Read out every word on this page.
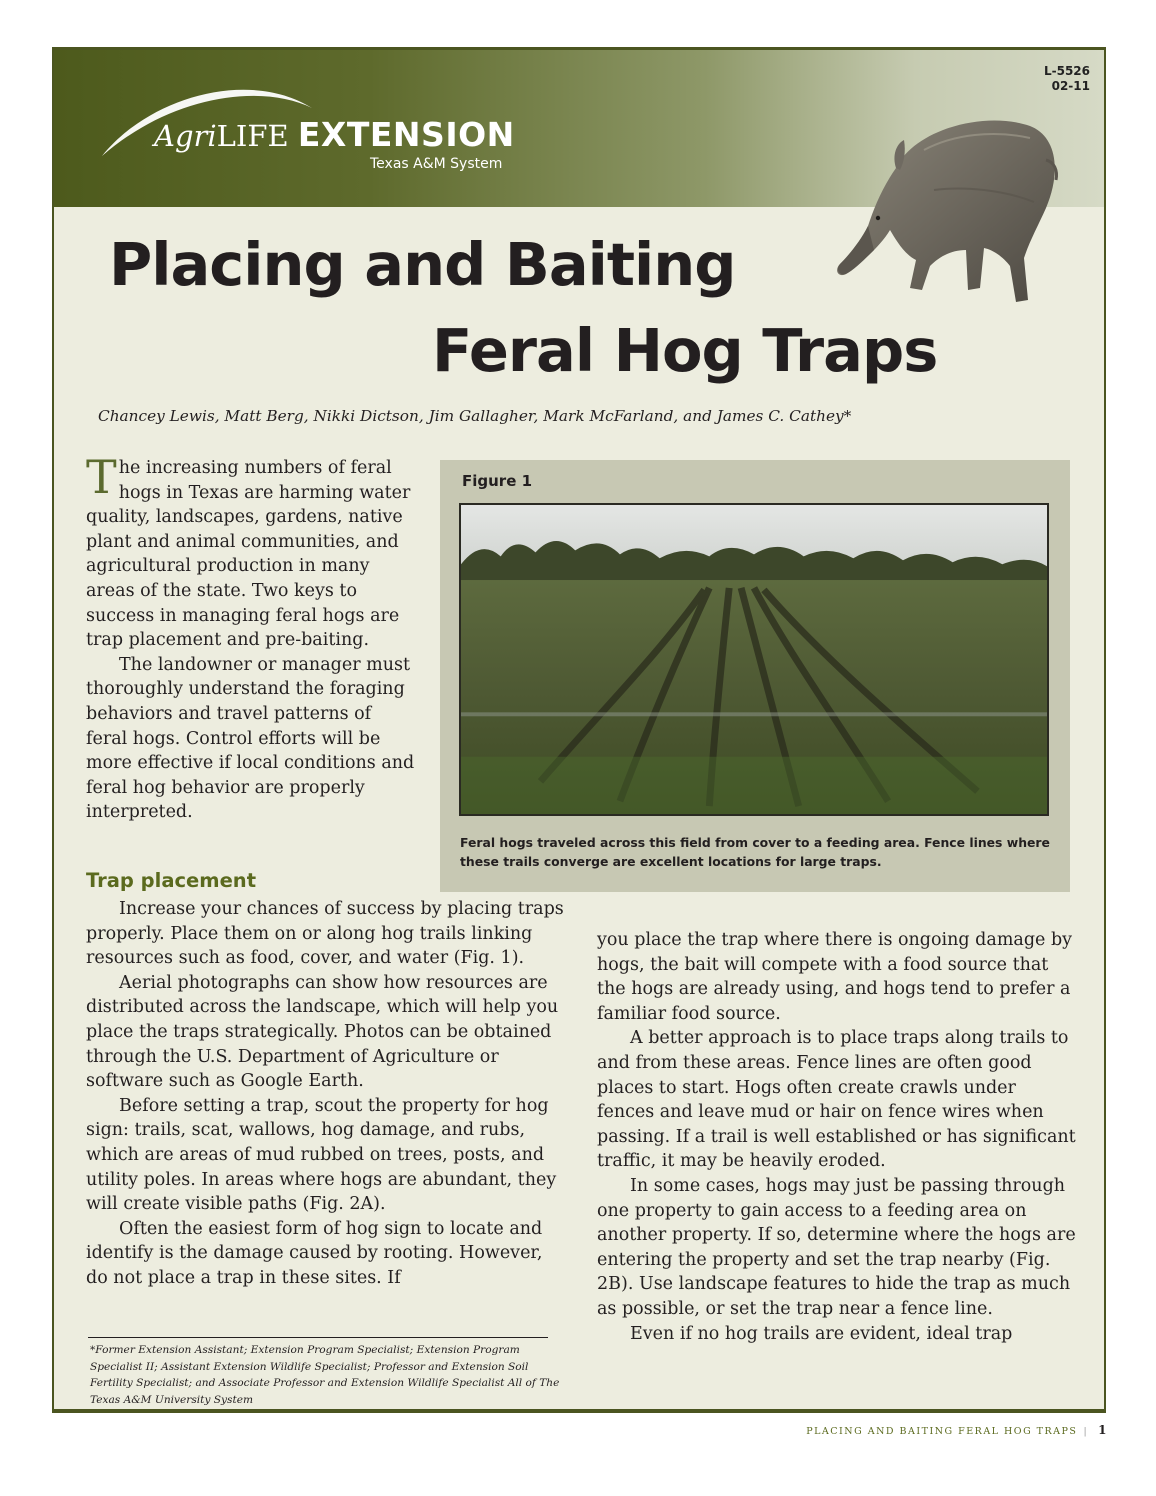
AgriLIFE EXTENSION
Texas A&M System
L-5526
02-11
Placing and Baiting
Feral Hog Traps
Chancey Lewis, Matt Berg, Nikki Dictson, Jim Gallagher, Mark McFarland, and James C. Cathey*

The increasing numbers of feral hogs in Texas are harming water quality, landscapes, gardens, native plant and animal communities, and agricultural production in many areas of the state. Two keys to success in managing feral hogs are trap placement and pre-baiting.

The landowner or manager must thoroughly understand the foraging behaviors and travel patterns of feral hogs. Control efforts will be more effective if local conditions and feral hog behavior are properly interpreted.

Figure 1
Feral hogs traveled across this field from cover to a feeding area. Fence lines where these trails converge are excellent locations for large traps.
Trap placement

Increase your chances of success by placing traps properly. Place them on or along hog trails linking resources such as food, cover, and water (Fig. 1).

Aerial photographs can show how resources are distributed across the landscape, which will help you place the traps strategically. Photos can be obtained through the U.S. Department of Agriculture or software such as Google Earth.

Before setting a trap, scout the property for hog sign: trails, scat, wallows, hog damage, and rubs, which are areas of mud rubbed on trees, posts, and utility poles. In areas where hogs are abundant, they will create visible paths (Fig. 2A).

Often the easiest form of hog sign to locate and identify is the damage caused by rooting. However, do not place a trap in these sites. If

you place the trap where there is ongoing damage by hogs, the bait will compete with a food source that the hogs are already using, and hogs tend to prefer a familiar food source.

A better approach is to place traps along trails to and from these areas. Fence lines are often good places to start. Hogs often create crawls under fences and leave mud or hair on fence wires when passing. If a trail is well established or has significant traffic, it may be heavily eroded.

In some cases, hogs may just be passing through one property to gain access to a feeding area on another property. If so, determine where the hogs are entering the property and set the trap nearby (Fig. 2B). Use landscape features to hide the trap as much as possible, or set the trap near a fence line.

Even if no hog trails are evident, ideal trap

*Former Extension Assistant; Extension Program Specialist; Extension Program Specialist II; Assistant Extension Wildlife Specialist; Professor and Extension Soil Fertility Specialist; and Associate Professor and Extension Wildlife Specialist All of The Texas A&M University System
PLACING AND BAITING FERAL HOG TRAPS | 1
